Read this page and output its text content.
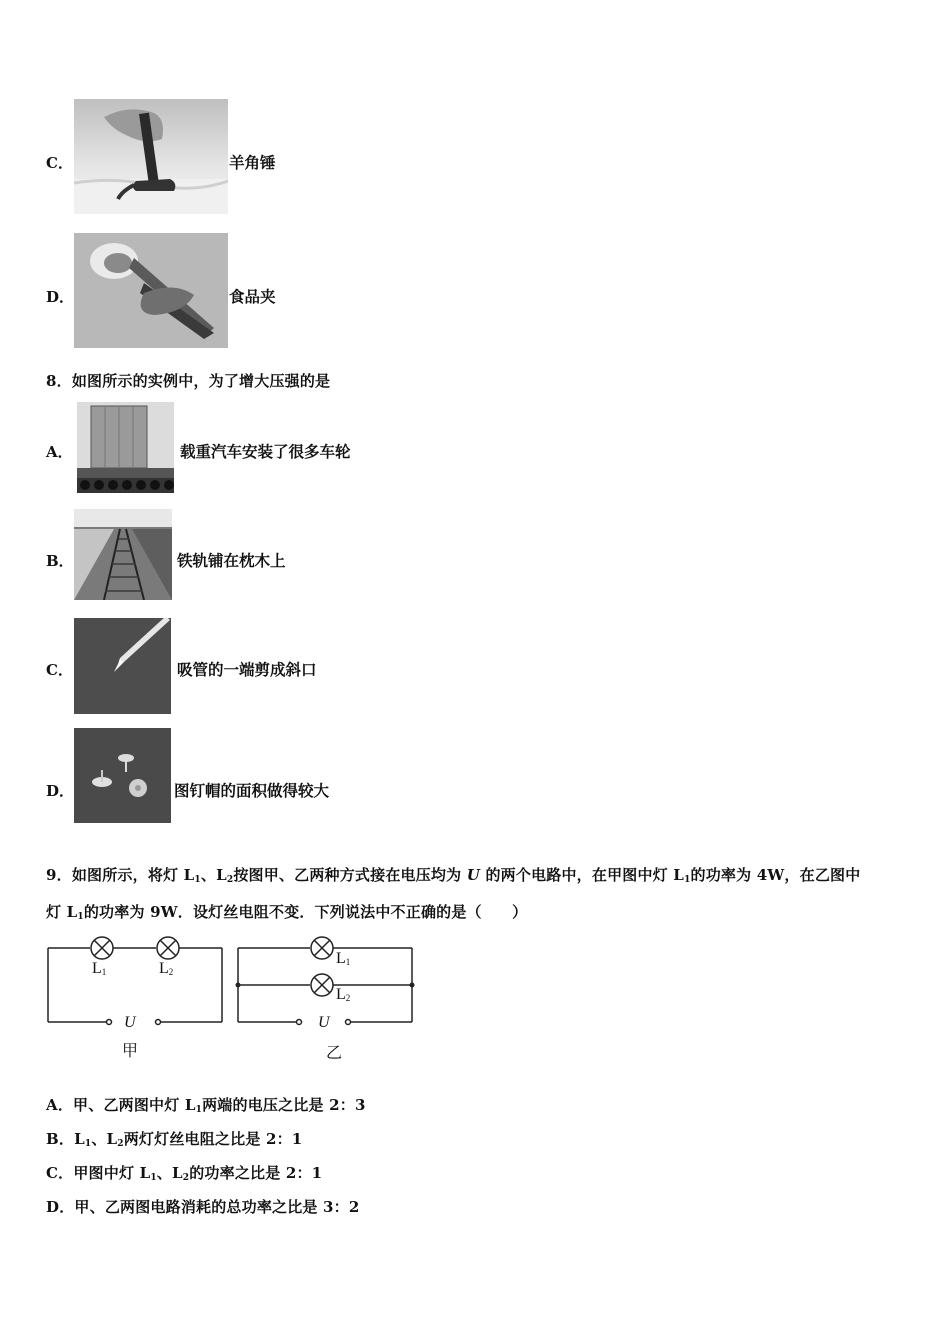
C．	羊角锤
D．	食品夹
8．如图所示的实例中，为了增大压强的是
A．	载重汽车安装了很多车轮
B．	铁轨铺在枕木上
C．	吸管的一端剪成斜口
D．	图钉帽的面积做得较大
9．如图所示，将灯 $L_1$、$L_2$按图甲、乙两种方式接在电压均为 U 的两个电路中，在甲图中灯 $L_1$的功率为 4W，在乙图中
灯 $L_1$的功率为 9W．设灯丝电阻不变．下列说法中不正确的是（　　）
$L_1$	$L_2$
U
甲
$L_1$
$L_2$
U
乙
A．甲、乙两图中灯 $L_1$两端的电压之比是 2：3
B．$L_1$、$L_2$两灯灯丝电阻之比是 2：1
C．甲图中灯 $L_1$、$L_2$的功率之比是 2：1
D．甲、乙两图电路消耗的总功率之比是 3：2
